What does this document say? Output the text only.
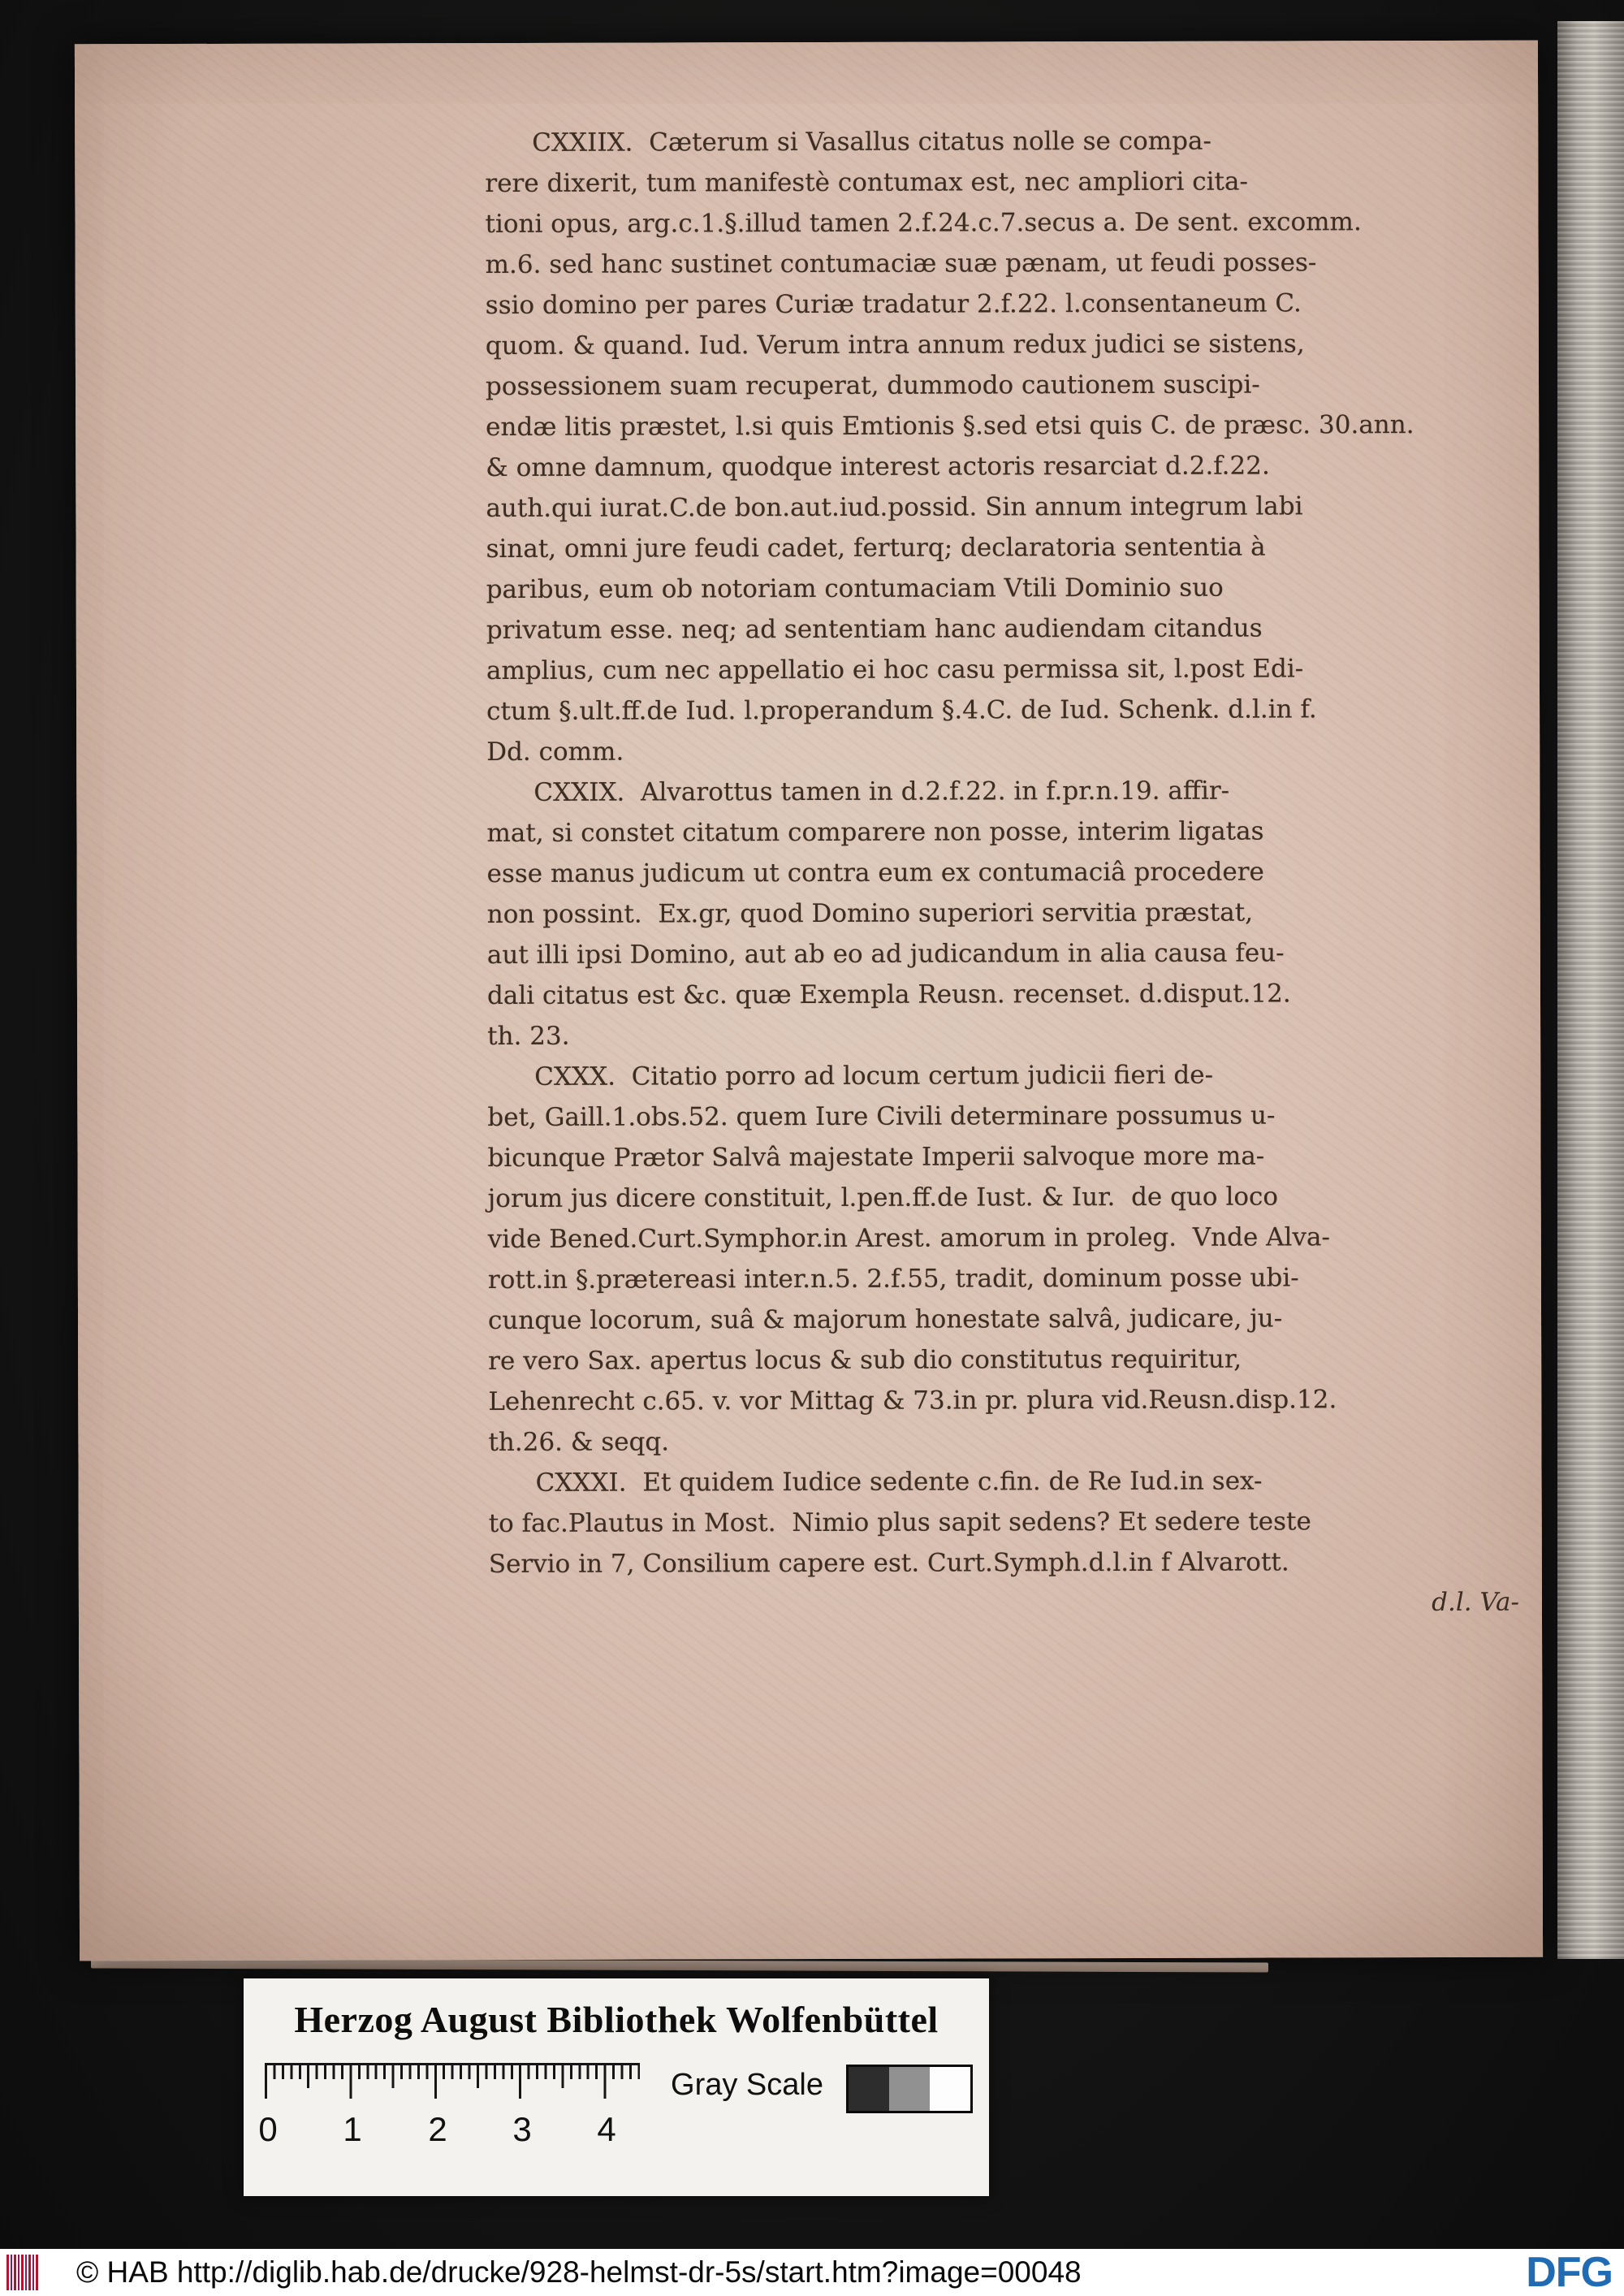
CXXIIX.  Cæterum si Vasallus citatus nolle se compa-
rere dixerit, tum manifestè contumax est, nec ampliori cita-
tioni opus, arg.c.1.§.illud tamen 2.f.24.c.7.secus a. De sent. excomm.
m.6. sed hanc sustinet contumaciæ suæ pænam, ut feudi posses-
ssio domino per pares Curiæ tradatur 2.f.22. l.consentaneum C.
quom. & quand. Iud. Verum intra annum redux judici se sistens,
possessionem suam recuperat, dummodo cautionem suscipi-
endæ litis præstet, l.si quis Emtionis §.sed etsi quis C. de præsc. 30.ann.
& omne damnum, quodque interest actoris resarciat d.2.f.22.
auth.qui iurat.C.de bon.aut.iud.possid. Sin annum integrum labi
sinat, omni jure feudi cadet, ferturq; declaratoria sententia à
paribus, eum ob notoriam contumaciam Vtili Dominio suo
privatum esse. neq; ad sententiam hanc audiendam citandus
amplius, cum nec appellatio ei hoc casu permissa sit, l.post Edi-
ctum §.ult.ff.de Iud. l.properandum §.4.C. de Iud. Schenk. d.l.in f.
Dd. comm.

CXXIX.  Alvarottus tamen in d.2.f.22. in f.pr.n.19. affir-
mat, si constet citatum comparere non posse, interim ligatas
esse manus judicum ut contra eum ex contumaciâ procedere
non possint.  Ex.gr, quod Domino superiori servitia præstat,
aut illi ipsi Domino, aut ab eo ad judicandum in alia causa feu-
dali citatus est &c. quæ Exempla Reusn. recenset. d.disput.12.
th. 23.

CXXX.  Citatio porro ad locum certum judicii fieri de-
bet, Gaill.1.obs.52. quem Iure Civili determinare possumus u-
bicunque Prætor Salvâ majestate Imperii salvoque more ma-
jorum jus dicere constituit, l.pen.ff.de Iust. & Iur.  de quo loco
vide Bened.Curt.Symphor.in Arest. amorum in proleg.  Vnde Alva-
rott.in §.prætereasi inter.n.5. 2.f.55, tradit, dominum posse ubi-
cunque locorum, suâ & majorum honestate salvâ, judicare, ju-
re vero Sax. apertus locus & sub dio constitutus requiritur,
Lehenrecht c.65. v. vor Mittag & 73.in pr. plura vid.Reusn.disp.12.
th.26. & seqq.

CXXXI.  Et quidem Iudice sedente c.fin. de Re Iud.in sex-
to fac.Plautus in Most.  Nimio plus sapit sedens? Et sedere teste
Servio in 7, Consilium capere est. Curt.Symph.d.l.in f Alvarott.

d.l. Va-
Herzog August Bibliothek Wolfenbüttel
0 1 2 3 4
Gray Scale
© HAB http://diglib.hab.de/drucke/928-helmst-dr-5s/start.htm?image=00048	DFG
